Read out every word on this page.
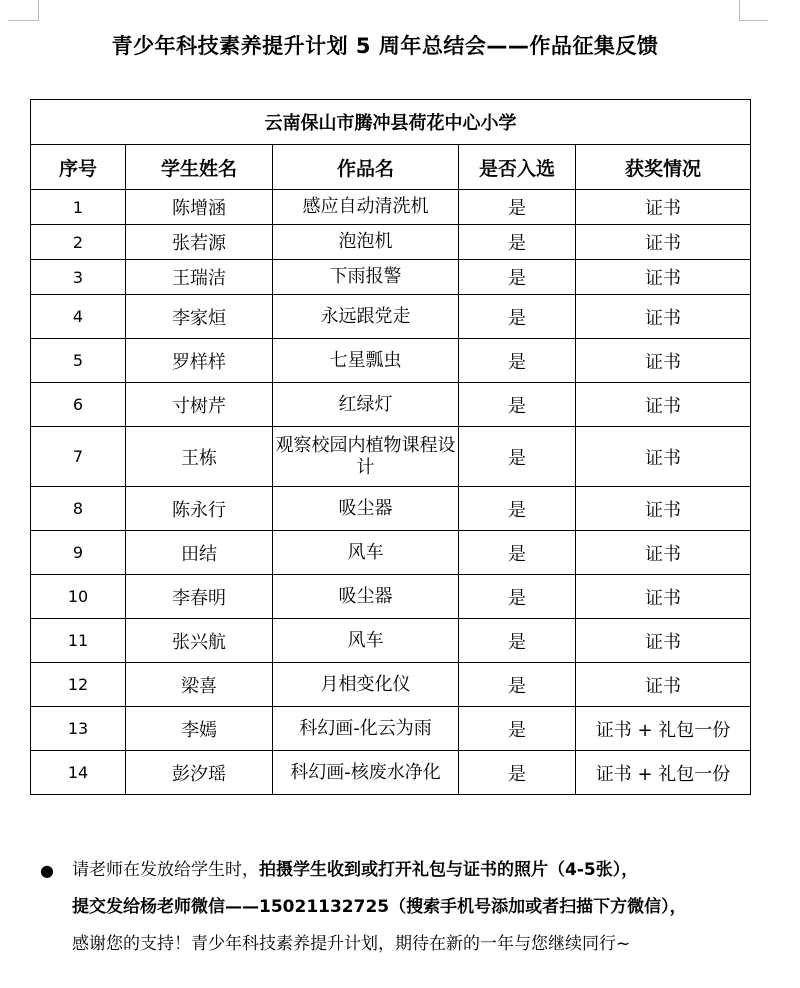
青少年科技素养提升计划 5 周年总结会——作品征集反馈
云南保山市腾冲县荷花中心小学				
序号	学生姓名	作品名	是否入选	获奖情况
1	陈增涵	感应自动清洗机	是	证书
2	张若源	泡泡机	是	证书
3	王瑞洁	下雨报警	是	证书
4	李家烜	永远跟党走	是	证书
5	罗样样	七星瓢虫	是	证书
6	寸树芹	红绿灯	是	证书
7	王栋	观察校园内植物课程设计	是	证书
8	陈永行	吸尘器	是	证书
9	田结	风车	是	证书
10	李春明	吸尘器	是	证书
11	张兴航	风车	是	证书
12	梁喜	月相变化仪	是	证书
13	李嫣	科幻画-化云为雨	是	证书 + 礼包一份
14	彭汐瑶	科幻画-核废水净化	是	证书 + 礼包一份
● 请老师在发放给学生时，拍摄学生收到或打开礼包与证书的照片（4-5张），

提交发给杨老师微信——15021132725（搜索手机号添加或者扫描下方微信），

感谢您的支持！青少年科技素养提升计划，期待在新的一年与您继续同行~
